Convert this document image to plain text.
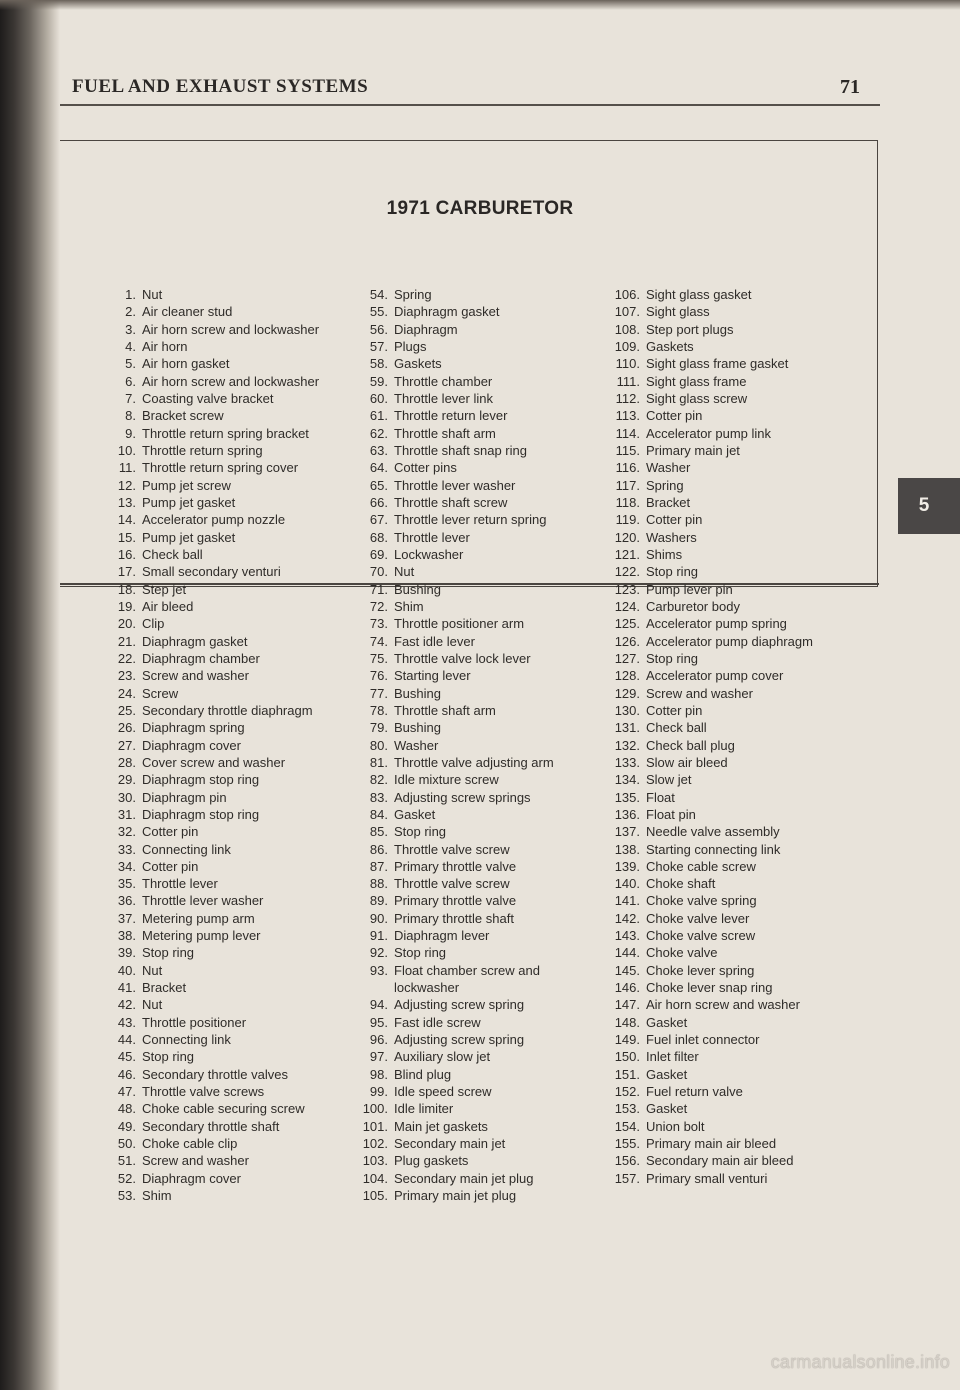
FUEL AND EXHAUST SYSTEMS	71
1971 CARBURETOR
1. Nut
2. Air cleaner stud
3. Air horn screw and lockwasher
4. Air horn
5. Air horn gasket
6. Air horn screw and lockwasher
7. Coasting valve bracket
8. Bracket screw
9. Throttle return spring bracket
10. Throttle return spring
11. Throttle return spring cover
12. Pump jet screw
13. Pump jet gasket
14. Accelerator pump nozzle
15. Pump jet gasket
16. Check ball
17. Small secondary venturi
18. Step jet
19. Air bleed
20. Clip
21. Diaphragm gasket
22. Diaphragm chamber
23. Screw and washer
24. Screw
25. Secondary throttle diaphragm
26. Diaphragm spring
27. Diaphragm cover
28. Cover screw and washer
29. Diaphragm stop ring
30. Diaphragm pin
31. Diaphragm stop ring
32. Cotter pin
33. Connecting link
34. Cotter pin
35. Throttle lever
36. Throttle lever washer
37. Metering pump arm
38. Metering pump lever
39. Stop ring
40. Nut
41. Bracket
42. Nut
43. Throttle positioner
44. Connecting link
45. Stop ring
46. Secondary throttle valves
47. Throttle valve screws
48. Choke cable securing screw
49. Secondary throttle shaft
50. Choke cable clip
51. Screw and washer
52. Diaphragm cover
53. Shim
54. Spring
55. Diaphragm gasket
56. Diaphragm
57. Plugs
58. Gaskets
59. Throttle chamber
60. Throttle lever link
61. Throttle return lever
62. Throttle shaft arm
63. Throttle shaft snap ring
64. Cotter pins
65. Throttle lever washer
66. Throttle shaft screw
67. Throttle lever return spring
68. Throttle lever
69. Lockwasher
70. Nut
71. Bushing
72. Shim
73. Throttle positioner arm
74. Fast idle lever
75. Throttle valve lock lever
76. Starting lever
77. Bushing
78. Throttle shaft arm
79. Bushing
80. Washer
81. Throttle valve adjusting arm
82. Idle mixture screw
83. Adjusting screw springs
84. Gasket
85. Stop ring
86. Throttle valve screw
87. Primary throttle valve
88. Throttle valve screw
89. Primary throttle valve
90. Primary throttle shaft
91. Diaphragm lever
92. Stop ring
93. Float chamber screw and
lockwasher
94. Adjusting screw spring
95. Fast idle screw
96. Adjusting screw spring
97. Auxiliary slow jet
98. Blind plug
99. Idle speed screw
100. Idle limiter
101. Main jet gaskets
102. Secondary main jet
103. Plug gaskets
104. Secondary main jet plug
105. Primary main jet plug
106. Sight glass gasket
107. Sight glass
108. Step port plugs
109. Gaskets
110. Sight glass frame gasket
111. Sight glass frame
112. Sight glass screw
113. Cotter pin
114. Accelerator pump link
115. Primary main jet
116. Washer
117. Spring
118. Bracket
119. Cotter pin
120. Washers
121. Shims
122. Stop ring
123. Pump lever pin
124. Carburetor body
125. Accelerator pump spring
126. Accelerator pump diaphragm
127. Stop ring
128. Accelerator pump cover
129. Screw and washer
130. Cotter pin
131. Check ball
132. Check ball plug
133. Slow air bleed
134. Slow jet
135. Float
136. Float pin
137. Needle valve assembly
138. Starting connecting link
139. Choke cable screw
140. Choke shaft
141. Choke valve spring
142. Choke valve lever
143. Choke valve screw
144. Choke valve
145. Choke lever spring
146. Choke lever snap ring
147. Air horn screw and washer
148. Gasket
149. Fuel inlet connector
150. Inlet filter
151. Gasket
152. Fuel return valve
153. Gasket
154. Union bolt
155. Primary main air bleed
156. Secondary main air bleed
157. Primary small venturi
5
carmanualsonline.info
